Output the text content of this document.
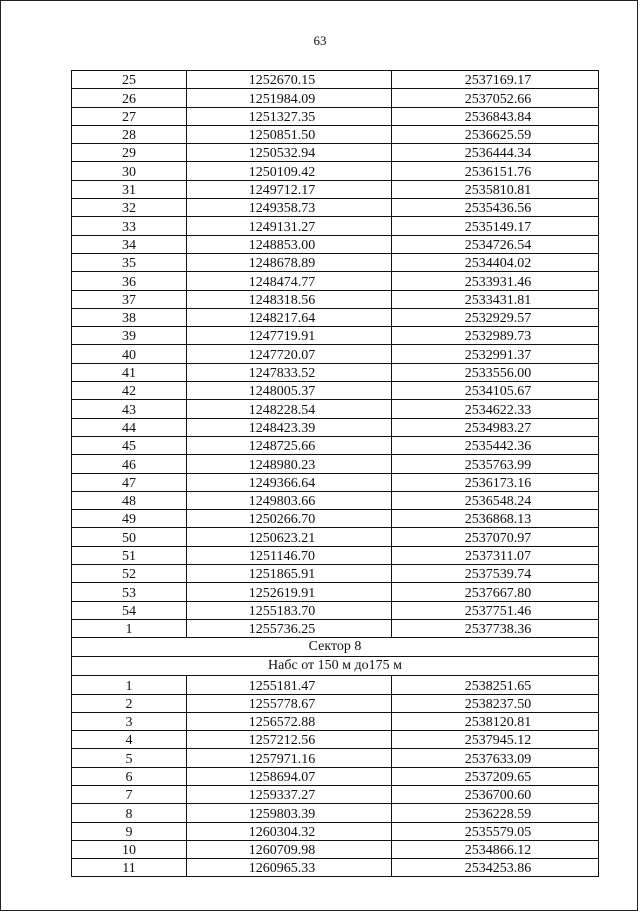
63
25	1252670.15	2537169.17
26	1251984.09	2537052.66
27	1251327.35	2536843.84
28	1250851.50	2536625.59
29	1250532.94	2536444.34
30	1250109.42	2536151.76
31	1249712.17	2535810.81
32	1249358.73	2535436.56
33	1249131.27	2535149.17
34	1248853.00	2534726.54
35	1248678.89	2534404.02
36	1248474.77	2533931.46
37	1248318.56	2533431.81
38	1248217.64	2532929.57
39	1247719.91	2532989.73
40	1247720.07	2532991.37
41	1247833.52	2533556.00
42	1248005.37	2534105.67
43	1248228.54	2534622.33
44	1248423.39	2534983.27
45	1248725.66	2535442.36
46	1248980.23	2535763.99
47	1249366.64	2536173.16
48	1249803.66	2536548.24
49	1250266.70	2536868.13
50	1250623.21	2537070.97
51	1251146.70	2537311.07
52	1251865.91	2537539.74
53	1252619.91	2537667.80
54	1255183.70	2537751.46
1	1255736.25	2537738.36
Сектор 8		
Набс от 150 м до175 м		
1	1255181.47	2538251.65
2	1255778.67	2538237.50
3	1256572.88	2538120.81
4	1257212.56	2537945.12
5	1257971.16	2537633.09
6	1258694.07	2537209.65
7	1259337.27	2536700.60
8	1259803.39	2536228.59
9	1260304.32	2535579.05
10	1260709.98	2534866.12
11	1260965.33	2534253.86
